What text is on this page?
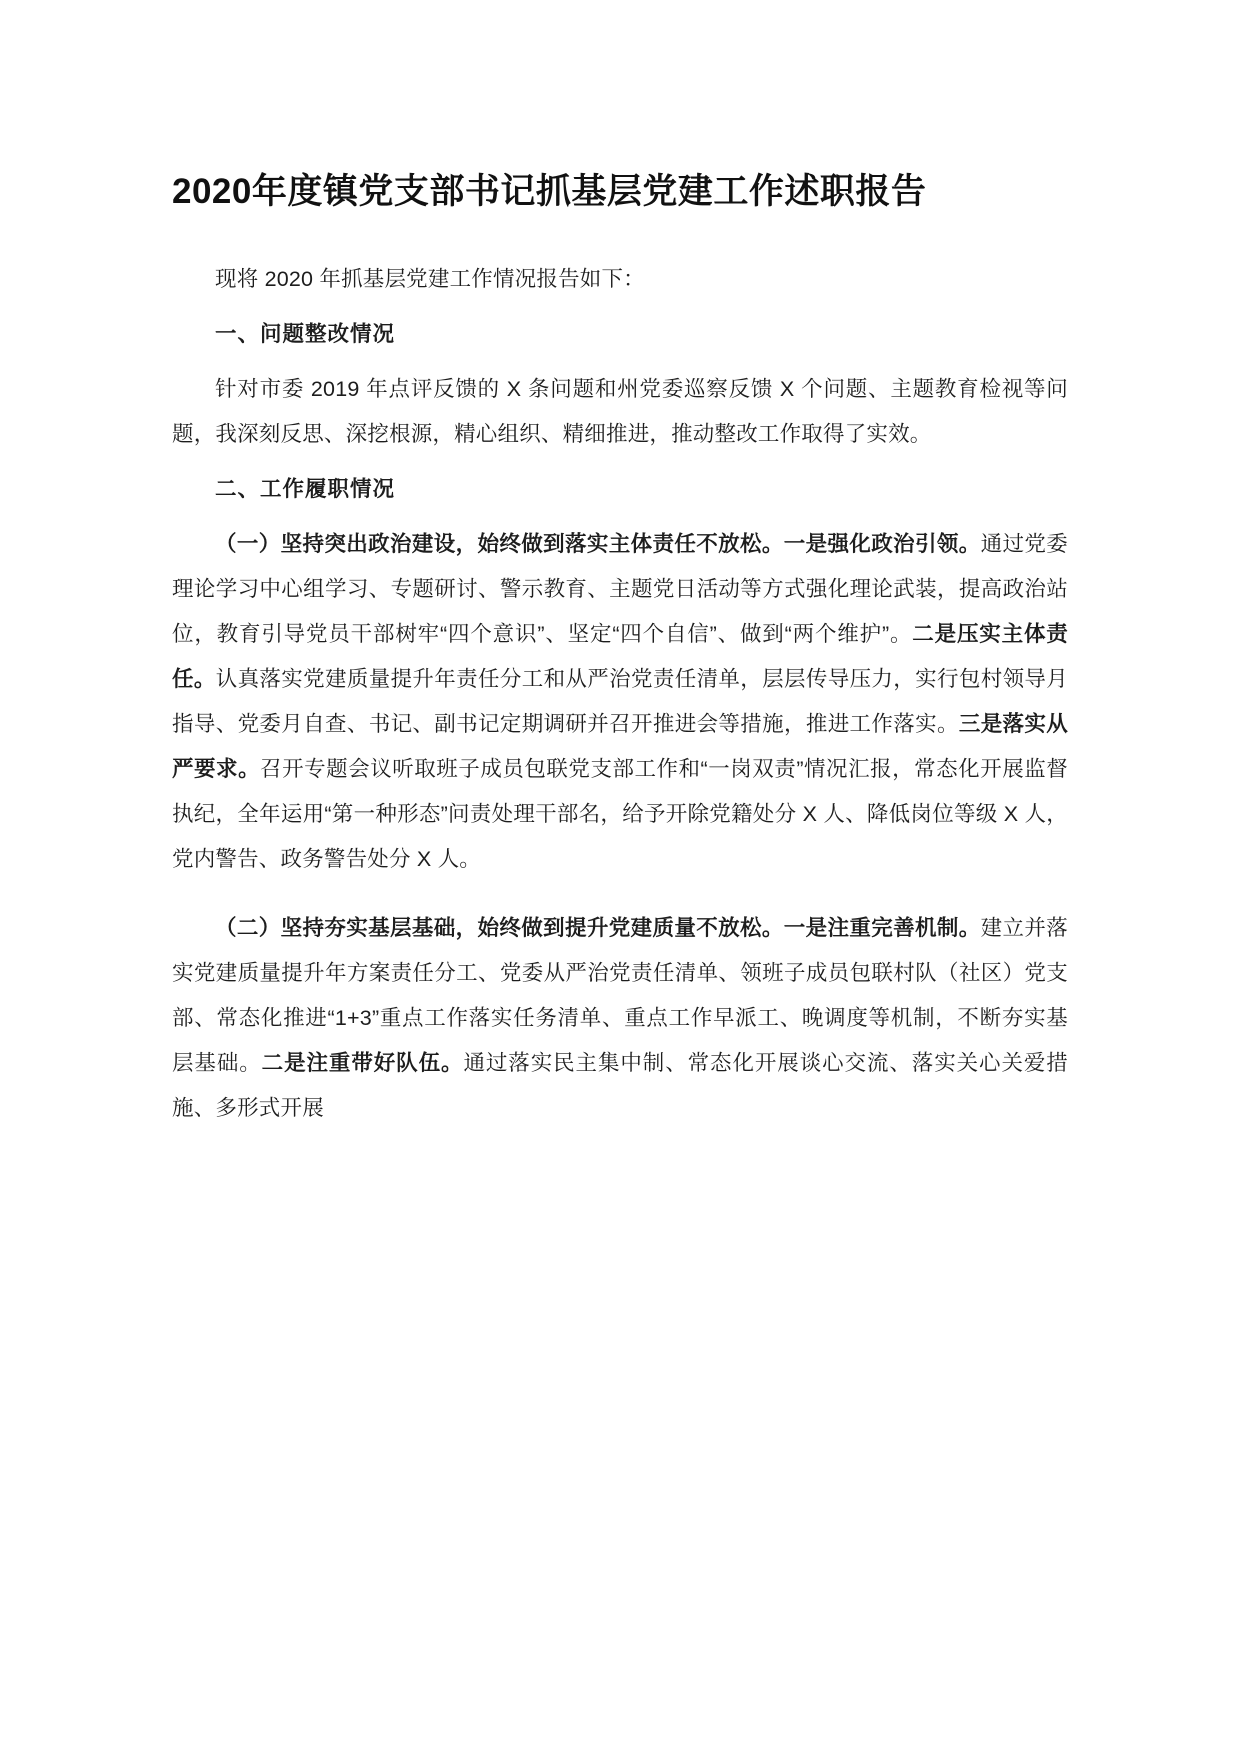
2020年度镇党支部书记抓基层党建工作述职报告

现将 2020 年抓基层党建工作情况报告如下：

一、问题整改情况

针对市委 2019 年点评反馈的 X 条问题和州党委巡察反馈 X 个问题、主题教育检视等问题，我深刻反思、深挖根源，精心组织、精细推进，推动整改工作取得了实效。

二、工作履职情况

（一）坚持突出政治建设，始终做到落实主体责任不放松。一是强化政治引领。通过党委理论学习中心组学习、专题研讨、警示教育、主题党日活动等方式强化理论武装，提高政治站位，教育引导党员干部树牢“四个意识”、坚定“四个自信”、做到“两个维护”。二是压实主体责任。认真落实党建质量提升年责任分工和从严治党责任清单，层层传导压力，实行包村领导月指导、党委月自查、书记、副书记定期调研并召开推进会等措施，推进工作落实。三是落实从严要求。召开专题会议听取班子成员包联党支部工作和“一岗双责”情况汇报，常态化开展监督执纪，全年运用“第一种形态”问责处理干部名，给予开除党籍处分 X 人、降低岗位等级 X 人，党内警告、政务警告处分 X 人。

（二）坚持夯实基层基础，始终做到提升党建质量不放松。一是注重完善机制。建立并落实党建质量提升年方案责任分工、党委从严治党责任清单、领班子成员包联村队（社区）党支部、常态化推进“1+3”重点工作落实任务清单、重点工作早派工、晚调度等机制，不断夯实基层基础。二是注重带好队伍。通过落实民主集中制、常态化开展谈心交流、落实关心关爱措施、多形式开展
